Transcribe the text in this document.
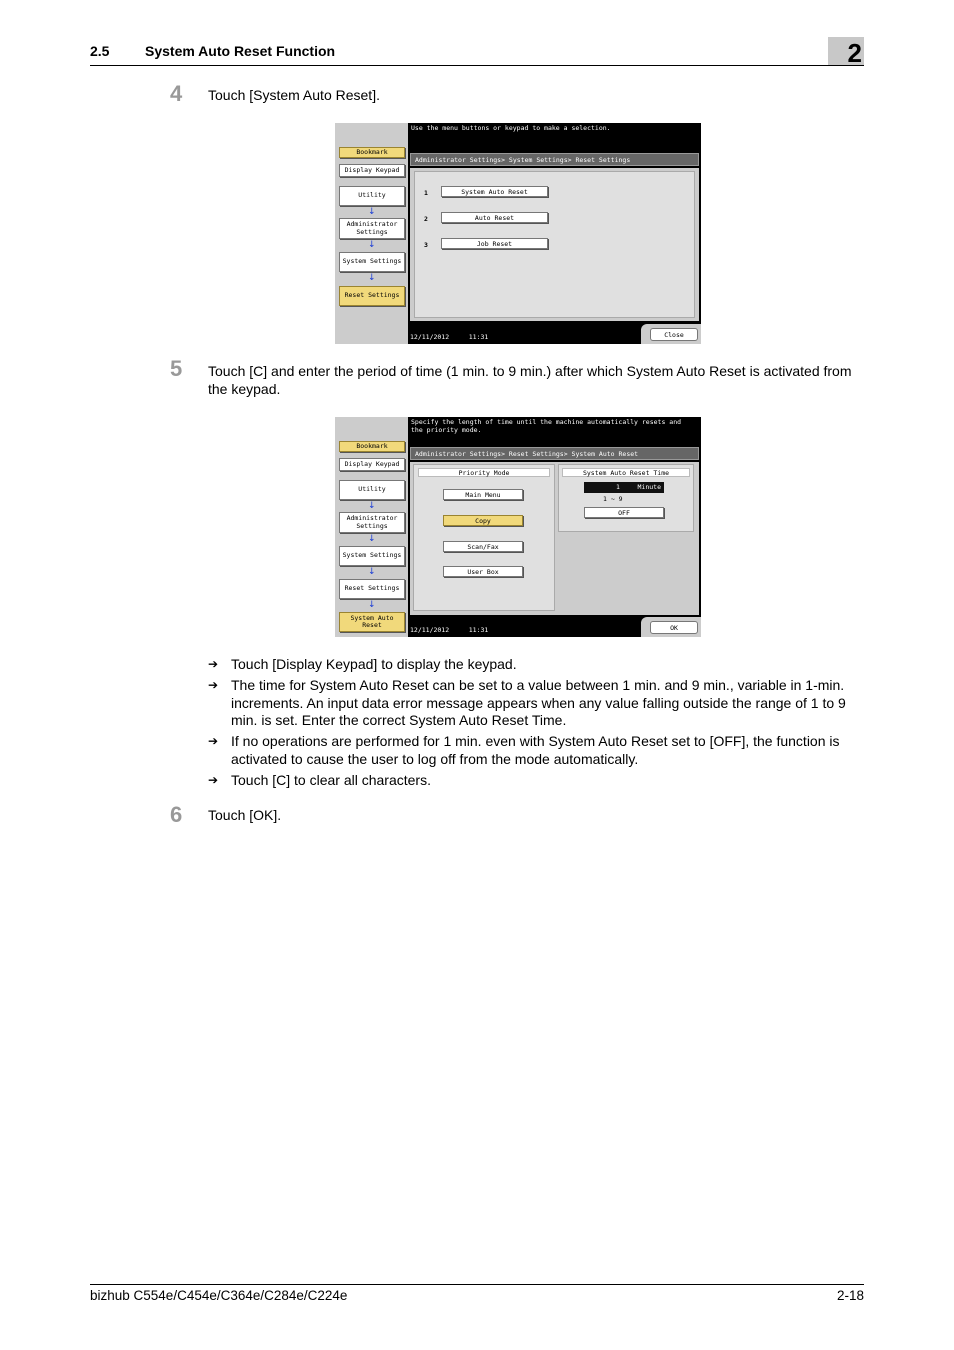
2.5	System Auto Reset Function	2
4 Touch [System Auto Reset].
Bookmark
Display Keypad
Utility
↓
Administrator Settings
↓
System Settings
↓
Reset Settings
Use the menu buttons or keypad to make a selection.
Administrator Settings> System Settings> Reset Settings
1	System Auto Reset
2	Auto Reset
3	Job Reset
12/11/2012	11:31	Close
5 Touch [C] and enter the period of time (1 min. to 9 min.) after which System Auto Reset is activated from the keypad.
Bookmark
Display Keypad
Utility
↓
Administrator Settings
↓
System Settings
↓
Reset Settings
↓
System Auto Reset
Specify the length of time until the machine automatically resets and the priority mode.
Administrator Settings> Reset Settings> System Auto Reset
Priority Mode
Main Menu
Copy
Scan/Fax
User Box
System Auto Reset Time
1	Minute
1 ~ 9
OFF
12/11/2012	11:31	OK
➔ Touch [Display Keypad] to display the keypad.
➔ The time for System Auto Reset can be set to a value between 1 min. and 9 min., variable in 1-min. increments. An input data error message appears when any value falling outside the range of 1 to 9 min. is set. Enter the correct System Auto Reset Time.
➔ If no operations are performed for 1 min. even with System Auto Reset set to [OFF], the function is activated to cause the user to log off from the mode automatically.
➔ Touch [C] to clear all characters.
6 Touch [OK].
bizhub C554e/C454e/C364e/C284e/C224e	2-18
